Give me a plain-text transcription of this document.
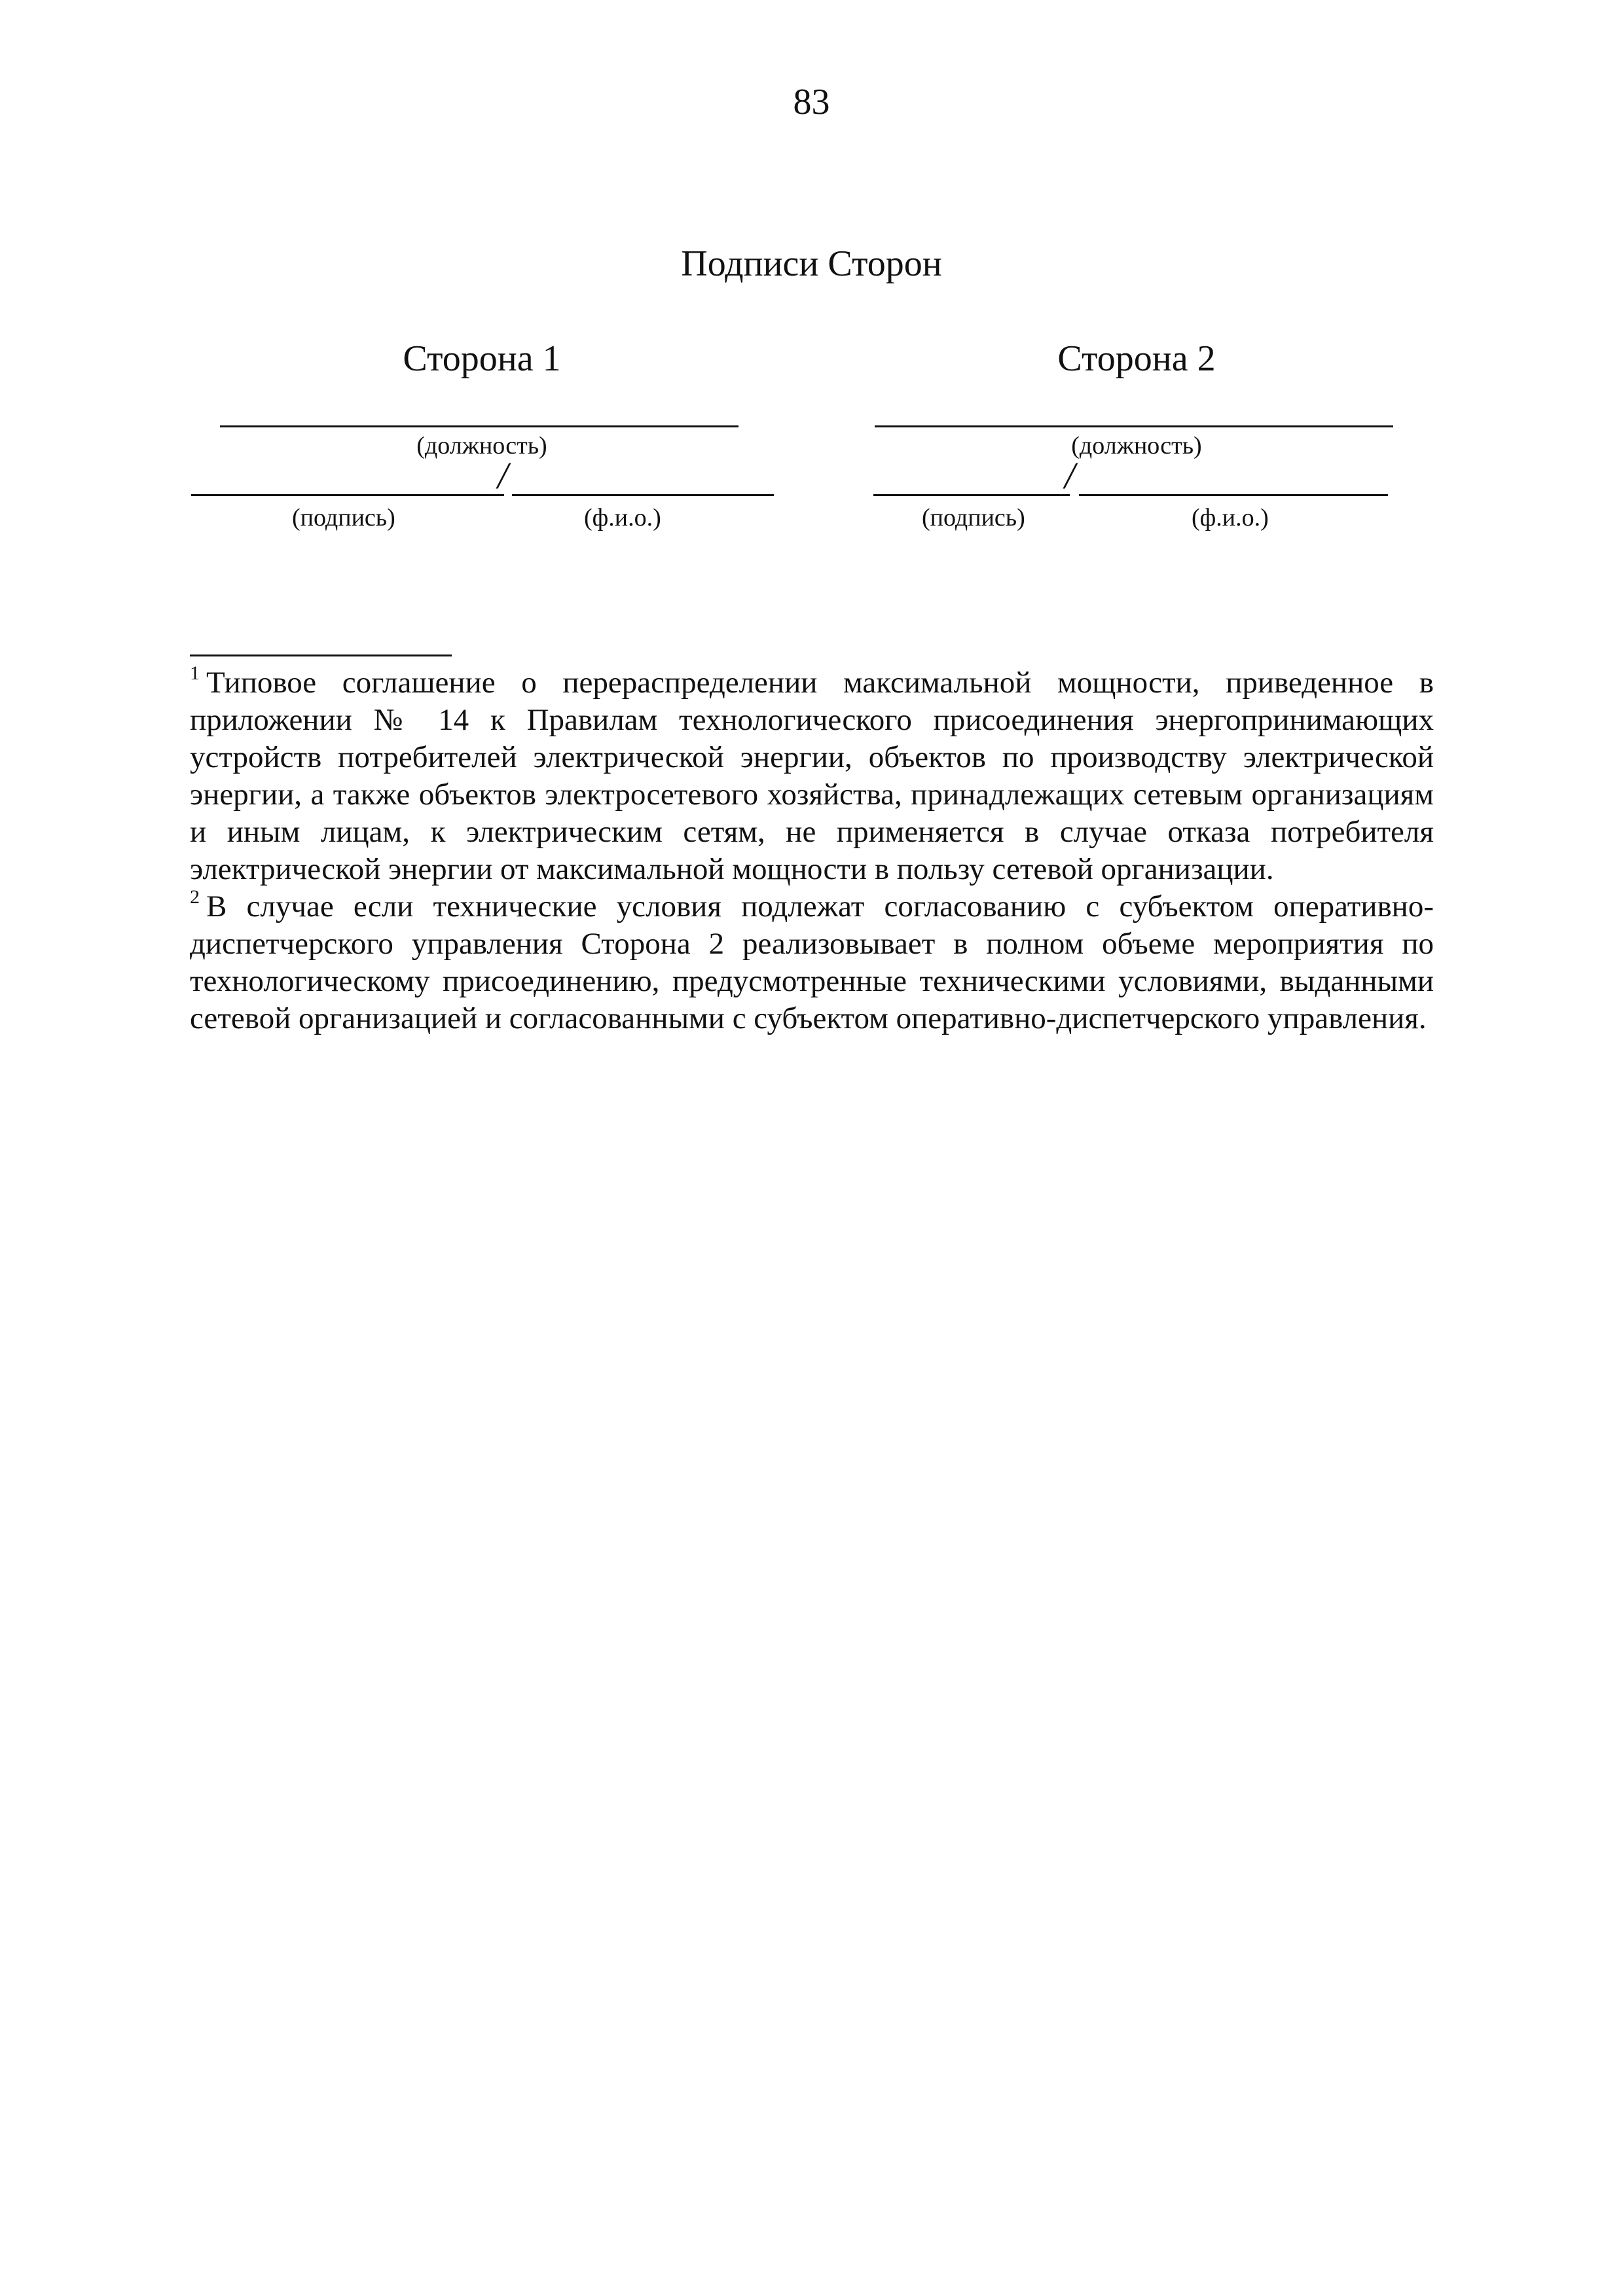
83
Подписи Сторон
Сторона 1
(должность)
/
(подпись)	(ф.и.о.)
Сторона 2
(должность)
/
(подпись)	(ф.и.о.)

$^1$ Типовое соглашение о перераспределении максимальной мощности, приведенное в приложении № 14 к Правилам технологического присоединения энергопринимающих устройств потребителей электрической энергии, объектов по производству электрической энергии, а также объектов электросетевого хозяйства, принадлежащих сетевым организациям и иным лицам, к электрическим сетям, не применяется в случае отказа потребителя электрической энергии от максимальной мощности в пользу сетевой организации.

$^2$ В случае если технические условия подлежат согласованию с субъектом оперативно-диспетчерского управления Сторона 2 реализовывает в полном объеме мероприятия по технологическому присоединению, предусмотренные техническими условиями, выданными сетевой организацией и согласованными с субъектом оперативно-диспетчерского управления.
